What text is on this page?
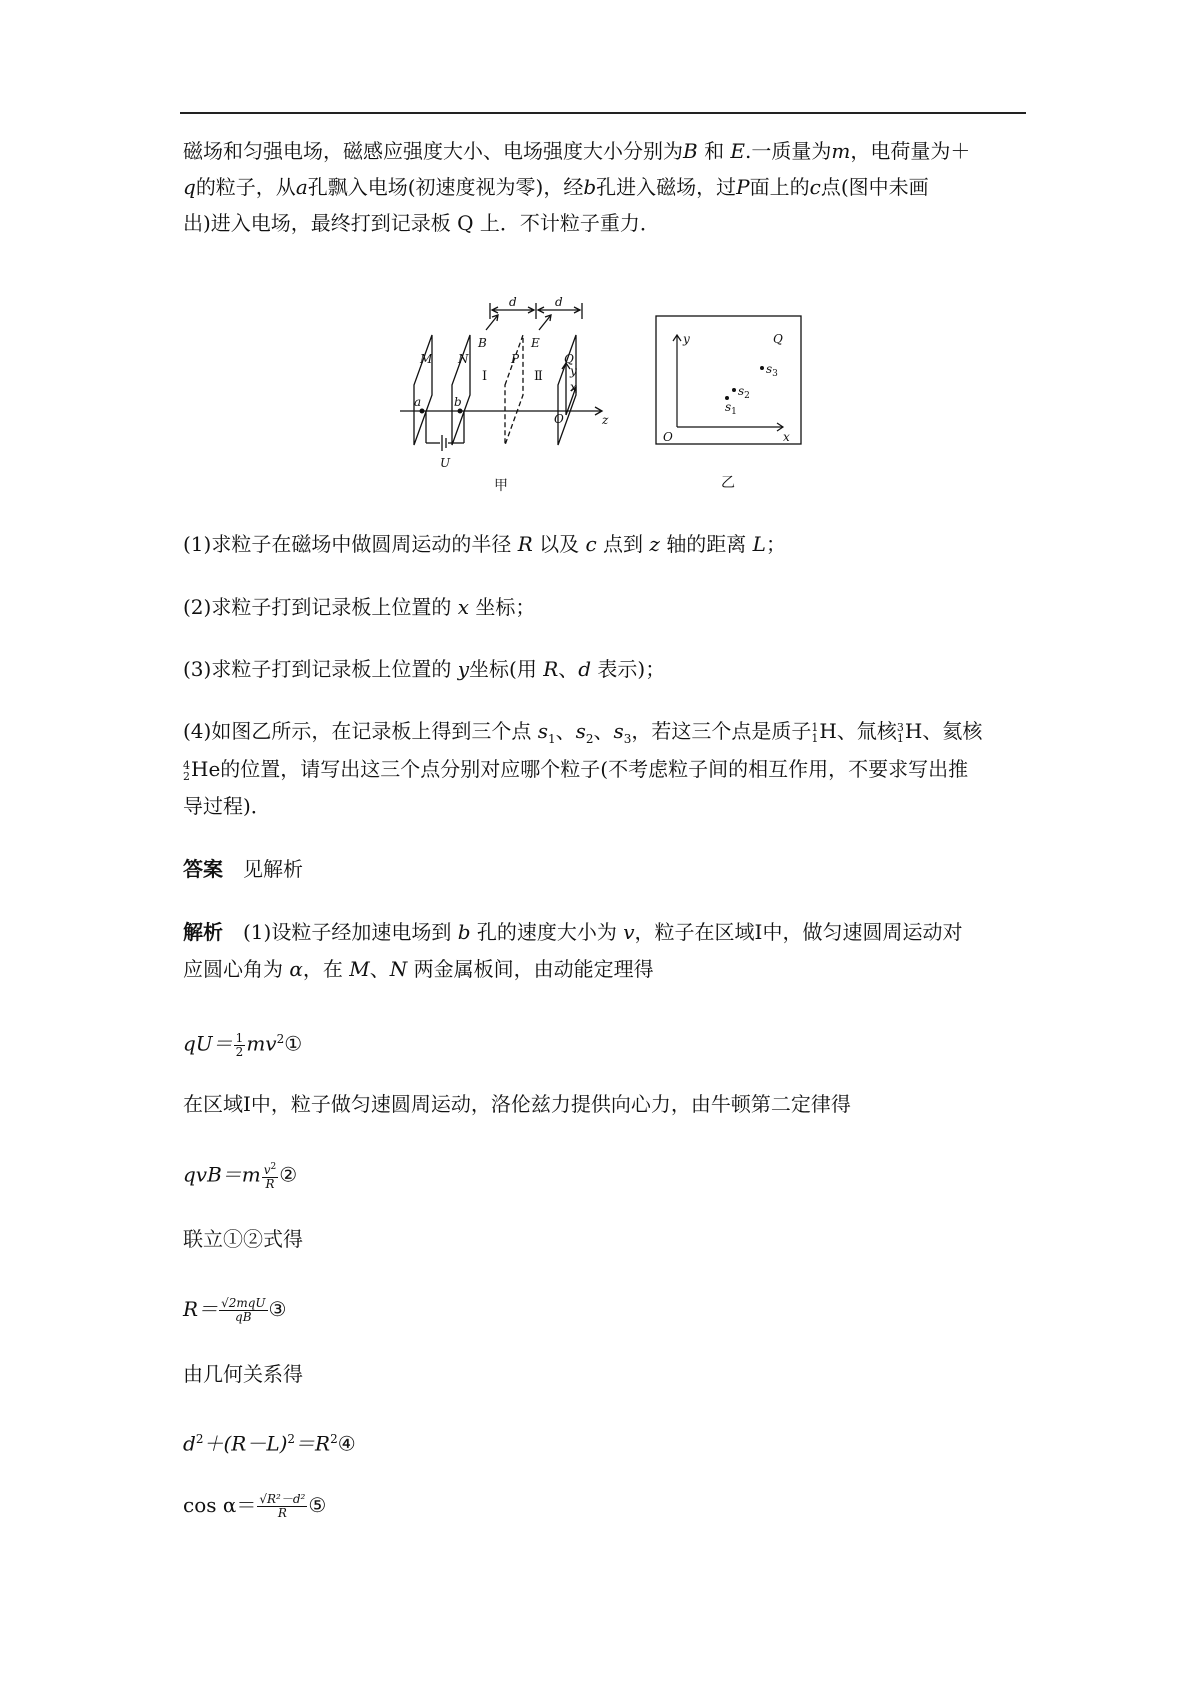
磁场和匀强电场，磁感应强度大小、电场强度大小分别为B 和 E.一质量为m，电荷量为＋
q的粒子，从a孔飘入电场(初速度视为零)，经b孔进入磁场，过P面上的c点(图中未画
出)进入电场，最终打到记录板 Q 上．不计粒子重力．
d	d
M N	P	Q
B	E
a	b
y
x
O	z
U
Ⅰ	Ⅱ
甲
y	Q
O	x
$s_1$
$s_2$
$s_3$
乙
(1)求粒子在磁场中做圆周运动的半径 R 以及 c 点到 z 轴的距离 L；
(2)求粒子打到记录板上位置的 x 坐标；
(3)求粒子打到记录板上位置的 y坐标(用 R、d 表示)；
(4)如图乙所示，在记录板上得到三个点 $s_1$、$s_2$、$s_3$，若这三个点是质子1
1H、氚核3
1H、氦核
4
2He的位置，请写出这三个点分别对应哪个粒子(不考虑粒子间的相互作用，不要求写出推
导过程)．
答案　 见解析
解析　 (1)设粒子经加速电场到 b 孔的速度大小为 v，粒子在区域Ⅰ中，做匀速圆周运动对
应圆心角为 α，在 M、N 两金属板间，由动能定理得
$qU= \frac{1}{2}$ $mv^2①$
在区域Ⅰ中，粒子做匀速圆周运动，洛伦兹力提供向心力，由牛顿第二定律得
$qvB=m \frac{v^2}{R}$ ②
联立①②式得
$R= \frac{\text{√2mqU}}{qB}$ ③
由几何关系得
$d^2+(R-L)^2=R^2④$
$\cos \alpha= \frac{\text{√R²－d²}}{R}$ ⑤
